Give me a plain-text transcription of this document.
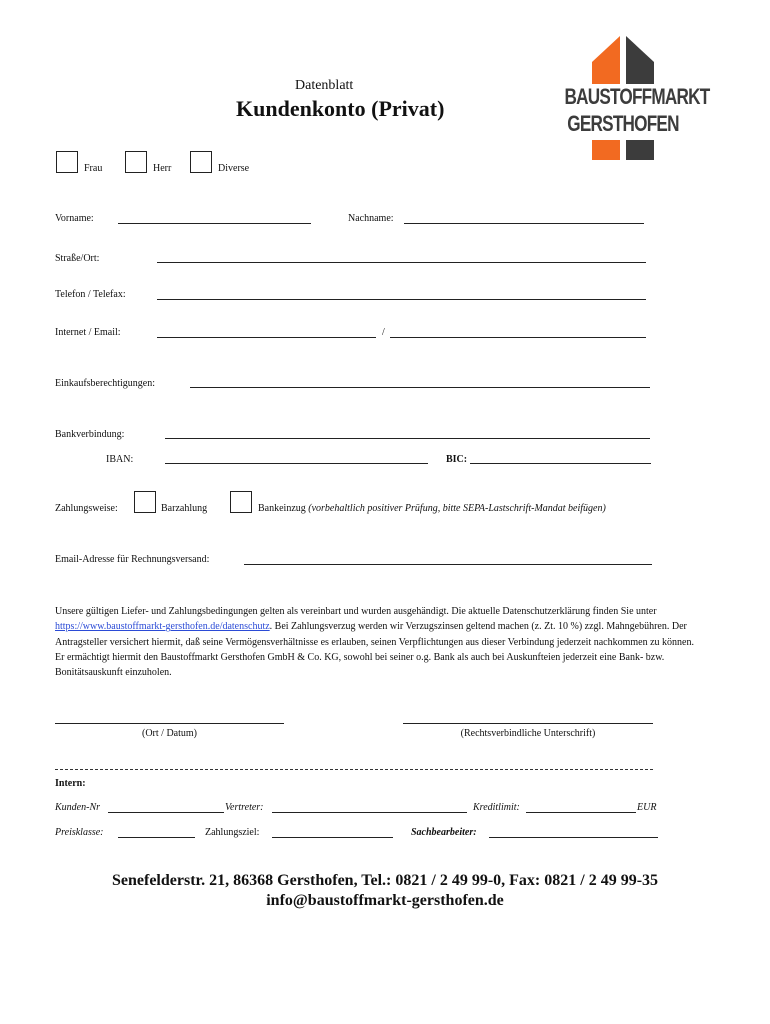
Datenblatt
Kundenkonto (Privat)	BAUSTOFFMARKT
GERSTHOFEN
Frau	Herr	Diverse
Vorname:	Nachname:
Straße/Ort:
Telefon / Telefax:
Internet / Email:	/
Einkaufsberechtigungen:
Bankverbindung:
IBAN:	BIC:
Zahlungsweise:	Barzahlung	Bankeinzug (vorbehaltlich positiver Prüfung, bitte SEPA-Lastschrift-Mandat beifügen)
Email-Adresse für Rechnungsversand:
Unsere gültigen Liefer- und Zahlungsbedingungen gelten als vereinbart und wurden ausgehändigt. Die aktuelle Datenschutzerklärung finden Sie unter https://www.baustoffmarkt-gersthofen.de/datenschutz. Bei Zahlungsverzug werden wir Verzugszinsen geltend machen (z. Zt. 10 %) zzgl. Mahngebühren. Der Antragsteller versichert hiermit, daß seine Vermögensverhältnisse es erlauben, seinen Verpflichtungen aus dieser Verbindung jederzeit nachkommen zu können. Er ermächtigt hiermit den Baustoffmarkt Gersthofen GmbH & Co. KG, sowohl bei seiner o.g. Bank als auch bei Auskunfteien jederzeit eine Bank- bzw. Bonitätsauskunft einzuholen.
(Ort / Datum)	(Rechtsverbindliche Unterschrift)
Intern:
Kunden-Nr	Vertreter:	Kreditlimit:	EUR
Preisklasse:	Zahlungsziel:	Sachbearbeiter:
Senefelderstr. 21, 86368 Gersthofen, Tel.: 0821 / 2 49 99-0, Fax: 0821 / 2 49 99-35
info@baustoffmarkt-gersthofen.de
